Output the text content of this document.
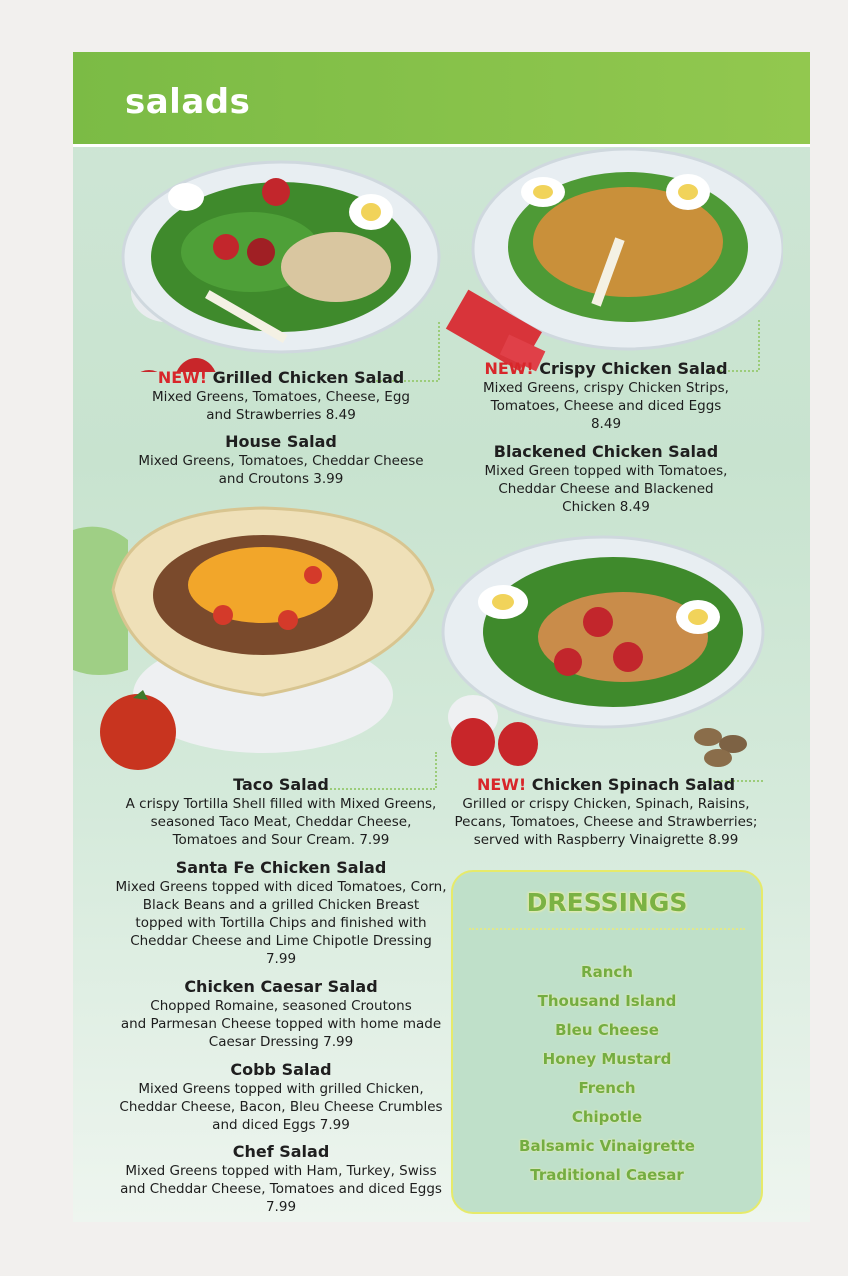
salads
NEW! Grilled Chicken Salad
Mixed Greens, Tomatoes, Cheese, Egg
and Strawberries 8.49
House Salad
Mixed Greens, Tomatoes, Cheddar Cheese
and Croutons 3.99
NEW! Crispy Chicken Salad
Mixed Greens, crispy Chicken Strips,
Tomatoes, Cheese and diced Eggs
8.49
Blackened Chicken Salad
Mixed Green topped with Tomatoes,
Cheddar Cheese and Blackened
Chicken 8.49
Taco Salad
A crispy Tortilla Shell filled with Mixed Greens,
seasoned Taco Meat, Cheddar Cheese,
Tomatoes and Sour Cream. 7.99
NEW! Chicken Spinach Salad
Grilled or crispy Chicken, Spinach, Raisins,
Pecans, Tomatoes, Cheese and Strawberries;
served with Raspberry Vinaigrette 8.99
Santa Fe Chicken Salad
Mixed Greens topped with diced Tomatoes, Corn,
Black Beans and a grilled Chicken Breast
topped with Tortilla Chips and finished with
Cheddar Cheese and Lime Chipotle Dressing
7.99
Chicken Caesar Salad
Chopped Romaine, seasoned Croutons
and Parmesan Cheese topped with home made
Caesar Dressing 7.99
Cobb Salad
Mixed Greens topped with grilled Chicken,
Cheddar Cheese, Bacon, Bleu Cheese Crumbles
and diced Eggs 7.99
Chef Salad
Mixed Greens topped with Ham, Turkey, Swiss
and Cheddar Cheese, Tomatoes and diced Eggs
7.99
DRESSINGS
Ranch
Thousand Island
Bleu Cheese
Honey Mustard
French
Chipotle
Balsamic Vinaigrette
Traditional Caesar
